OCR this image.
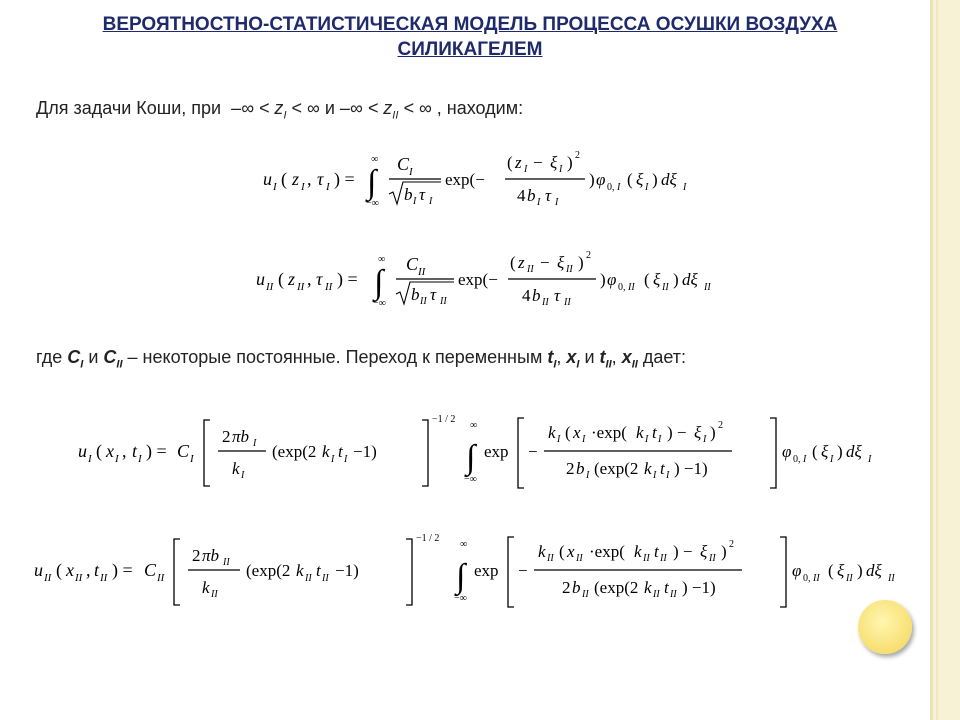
ВЕРОЯТНОСТНО-СТАТИСТИЧЕСКАЯ МОДЕЛЬ ПРОЦЕССА ОСУШКИ ВОЗДУХА
СИЛИКАГЕЛЕМ
Для задачи Коши, при –∞ < $z_I$ < ∞ и –∞ < $z_{II}$ < ∞ , находим:
u I ( z I , τ I ) =
∞
∫
−∞
C I
b I τ I
exp(−
( z I − ξ I ) 2
4 b I τ I
) φ 0, I ( ξ I ) dξ I
u II ( z II , τ II ) =
∞
∫
−∞
C II
b II τ II
exp(−
( z II − ξ II ) 2
4 b II τ II
) φ 0, II ( ξ II ) dξ II
где $C_I$ и $C_{II}$ – некоторые постоянные. Переход к переменным $t_I$, $x_I$ и $t_{II}$, $x_{II}$ дает:
u I ( x I , t I ) = C I
2 πb I
k I
(exp(2 k I t I −1)
−1 / 2
∞
∫
−∞
exp −
k I ( x I ·exp( k I t I ) − ξ I ) 2
2 b I (exp(2 k I t I ) −1)
φ 0, I ( ξ I ) dξ I
u II ( x II , t II ) = C II
2 πb II
k II
(exp(2 k II t II −1)
−1 / 2
∞
∫
−∞
exp −
k II ( x II ·exp( k II t II ) − ξ II ) 2
2 b II (exp(2 k II t II ) −1)
φ 0, II ( ξ II ) dξ II
